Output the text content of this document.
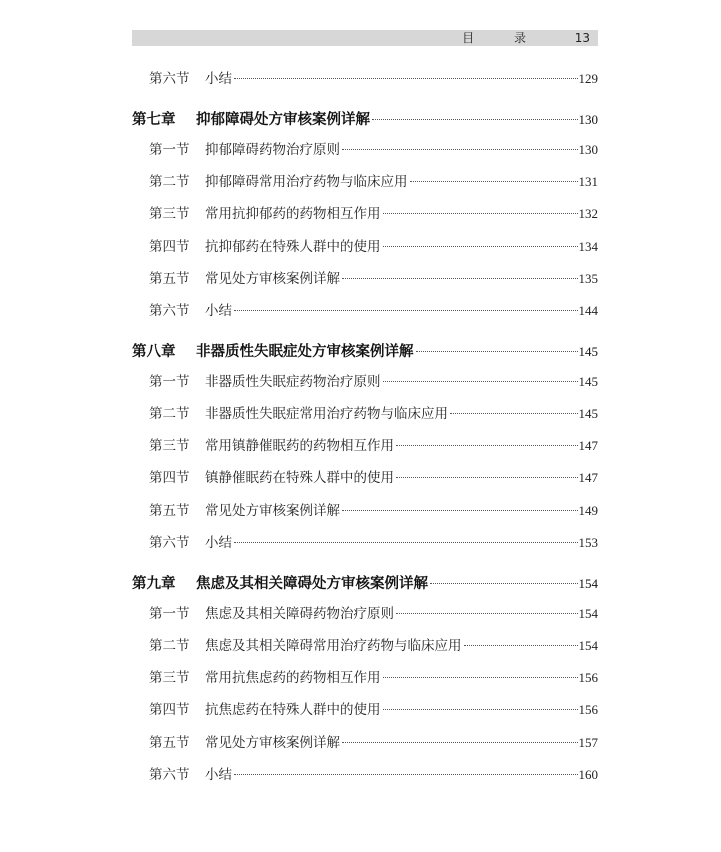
目 录	13
第六节	小结	129
第七章	抑郁障碍处方审核案例详解	130
第一节	抑郁障碍药物治疗原则	130
第二节	抑郁障碍常用治疗药物与临床应用	131
第三节	常用抗抑郁药的药物相互作用	132
第四节	抗抑郁药在特殊人群中的使用	134
第五节	常见处方审核案例详解	135
第六节	小结	144
第八章	非器质性失眠症处方审核案例详解	145
第一节	非器质性失眠症药物治疗原则	145
第二节	非器质性失眠症常用治疗药物与临床应用	145
第三节	常用镇静催眠药的药物相互作用	147
第四节	镇静催眠药在特殊人群中的使用	147
第五节	常见处方审核案例详解	149
第六节	小结	153
第九章	焦虑及其相关障碍处方审核案例详解	154
第一节	焦虑及其相关障碍药物治疗原则	154
第二节	焦虑及其相关障碍常用治疗药物与临床应用	154
第三节	常用抗焦虑药的药物相互作用	156
第四节	抗焦虑药在特殊人群中的使用	156
第五节	常见处方审核案例详解	157
第六节	小结	160
